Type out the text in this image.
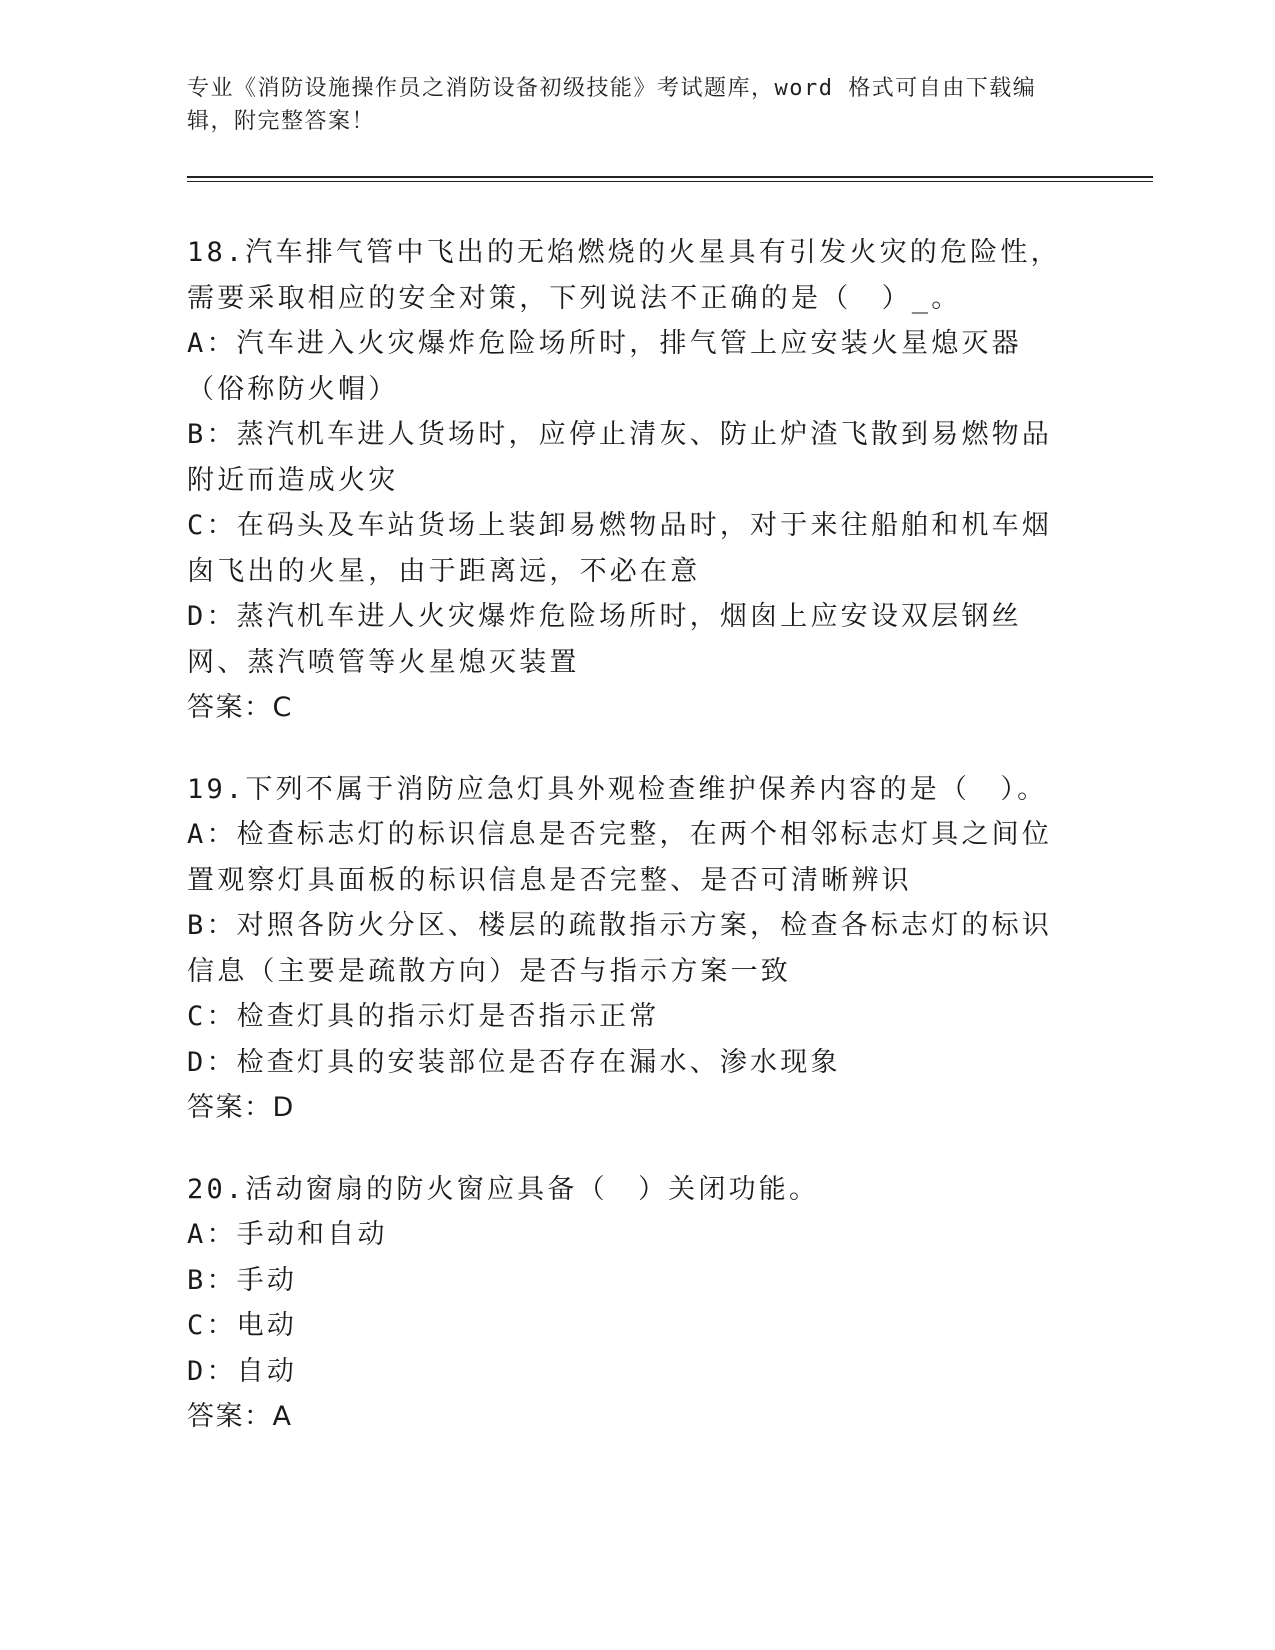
专业《消防设施操作员之消防设备初级技能》考试题库，word 格式可自由下载编辑，附完整答案！

18.汽车排气管中飞出的无焰燃烧的火星具有引发火灾的危险性，需要采取相应的安全对策，下列说法不正确的是（　）_。

A：汽车进入火灾爆炸危险场所时，排气管上应安装火星熄灭器（俗称防火帽）

B：蒸汽机车进人货场时，应停止清灰、防止炉渣飞散到易燃物品附近而造成火灾

C：在码头及车站货场上装卸易燃物品时，对于来往船舶和机车烟囱飞出的火星，由于距离远，不必在意

D：蒸汽机车进人火灾爆炸危险场所时，烟囱上应安设双层钢丝网、蒸汽喷管等火星熄灭装置

答案：C

19.下列不属于消防应急灯具外观检查维护保养内容的是（　）。

A：检查标志灯的标识信息是否完整，在两个相邻标志灯具之间位置观察灯具面板的标识信息是否完整、是否可清晰辨识

B：对照各防火分区、楼层的疏散指示方案，检查各标志灯的标识信息（主要是疏散方向）是否与指示方案一致

C：检查灯具的指示灯是否指示正常

D：检查灯具的安装部位是否存在漏水、渗水现象

答案：D

20.活动窗扇的防火窗应具备（　）关闭功能。

A：手动和自动

B：手动

C：电动

D：自动

答案：A
